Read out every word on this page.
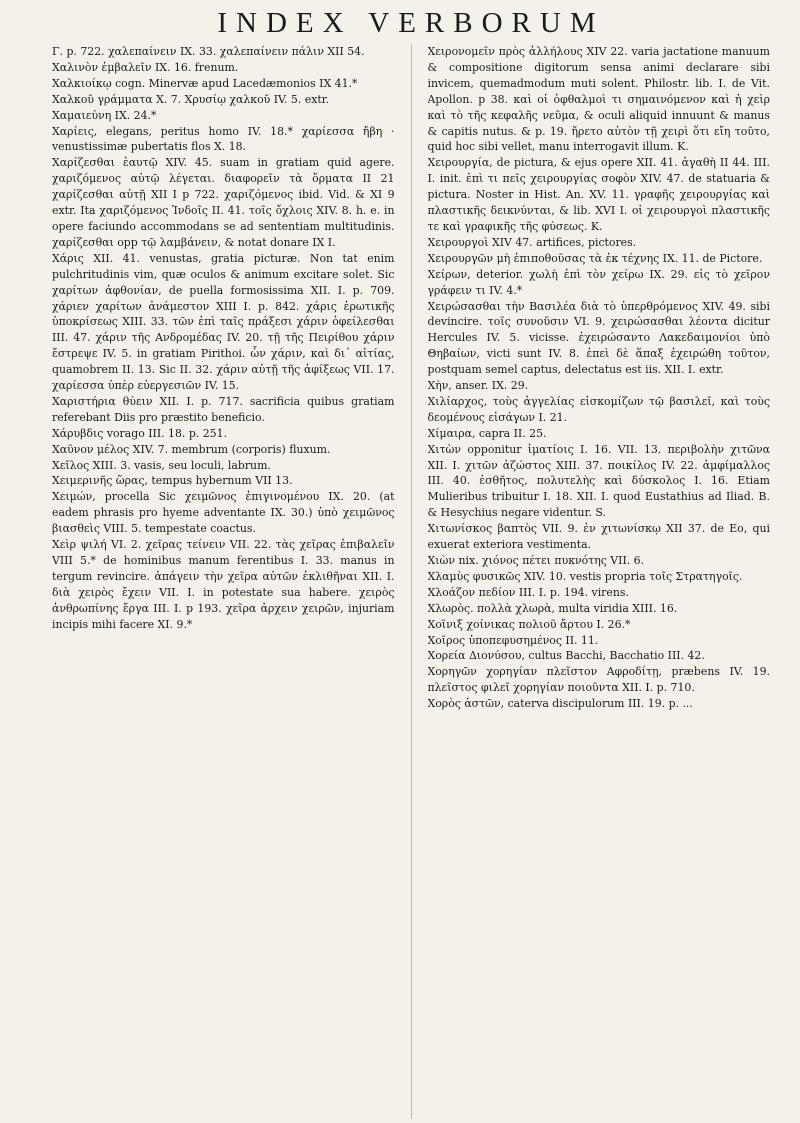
INDEX VERBORUM

Γ. p. 722. χαλεπαίνειν IX. 33. χαλεπαίνειν πάλιν XII 54.

Χαλινὸν ἐμβαλεῖν IX. 16. frenum.

Χαλκιοίκῳ cogn. Minervæ apud Lacedæmonios IX 41.*

Χαλκοῦ γράμματα X. 7. Χρυσίῳ χαλκοῦ IV. 5. extr.

Χαμαιεύνη IX. 24.*

Χαρίεις, elegans, peritus homo IV. 18.* χαρίεσσα ἤβη · venustissimæ pubertatis flos X. 18.

Χαρίζεσθαι ἑαυτῷ XIV. 45. suam in gratiam quid agere. χαριζόμενος αὐτῷ λέγεται. διαφορεῖν τὰ ὅρματα II 21 χαρίζεσθαι αὐτῇ XII I p 722. χαριζόμενος ibid. Vid. & XI 9 extr. Ita χαριζόμενος Ἰνδοῖς II. 41. τοῖς ὄχλοις XIV. 8. h. e. in opere faciundo accommodans se ad sententiam multitudinis. χαρίζεσθαι opp τῷ λαμβάνειν, & notat donare IX I.

Χάρις XII. 41. venustas, gratia picturæ. Non tat enim pulchritudinis vim, quæ oculos & animum excitare solet. Sic χαρίτων ἀφθονίαν, de puella formosissima XII. I. p. 709. χάριεν χαρίτων ἀνάμεστον XIII I. p. 842. χάρις ἐρωτικῆς ὑποκρίσεως XIII. 33. τῶν ἐπὶ ταῖς πράξεσι χάριν ὀφείλεσθαι III. 47. χάριν τῆς Ανδρομέδας IV. 20. τῇ τῆς Πειρίθου χάριν ἔστρεψε IV. 5. in gratiam Pirithoi. ὧν χάριν, καὶ δι᾽ αἰτίας, quamobrem II. 13. Sic II. 32. χάριν αὐτῇ τῆς ἀφίξεως VII. 17. χαρίεσσα ὑπὲρ εὐεργεσιῶν IV. 15.

Χαριστήρια θύειν XII. I. p. 717. sacrificia quibus gratiam referebant Diis pro præstito beneficio.

Χάρυβδις vorago III. 18. p. 251.

Χαῦνον μέλος XIV. 7. membrum (corporis) fluxum.

Χεῖλος XIII. 3. vasis, seu loculi, labrum.

Χειμερινῆς ὥρας, tempus hybernum VII 13.

Χειμών, procella Sic χειμῶνος ἐπιγινομένου IX. 20. (at eadem phrasis pro hyeme adventante IX. 30.) ὑπὸ χειμῶνος βιασθεὶς VIII. 5. tempestate coactus.

Χεὶρ ψιλή VI. 2. χεῖρας τείνειν VII. 22. τὰς χεῖρας ἐπιβαλεῖν VIII 5.* de hominibus manum ferentibus I. 33. manus in tergum revincire. ἀπάγειν τὴν χεῖρα αὐτῶν ἐκλιθῆναι XII. I. διὰ χειρὸς ἔχειν VII. I. in potestate sua habere. χειρὸς ἀνθρωπίνης ἔργα III. I. p 193. χεῖρα ἀρχειν χειρῶν, injuriam incipis mihi facere XI. 9.*

Χειρονομεῖν πρὸς ἀλλήλους XIV 22. varia jactatione manuum & compositione digitorum sensa animi declarare sibi invicem, quemadmodum muti solent. Philostr. lib. I. de Vit. Apollon. p 38. καὶ οἱ ὀφθαλμοὶ τι σημαινόμενον καὶ ἡ χεὶρ καὶ τὸ τῆς κεφαλῆς νεῦμα, & oculi aliquid innuunt & manus & capitis nutus. & p. 19. ἤρετο αὐτὸν τῇ χειρὶ ὅτι εἴη τοῦτο, quid hoc sibi vellet, manu interrogavit illum. K.

Χειρουργία, de pictura, & ejus opere XII. 41. ἀγαθὴ II 44. III. I. init. ἐπὶ τι πεῖς χειρουργίας σοφὸν XIV. 47. de statuaria & pictura. Noster in Hist. An. XV. 11. γραφῆς χειρουργίας καὶ πλαστικῆς δεικνύνται, & lib. XVI I. οἱ χειρουργοὶ πλαστικῆς τε καὶ γραφικῆς τῆς φύσεως. K.

Χειρουργοὶ XIV 47. artifices, pictores.

Χειρουργῶν μὴ ἐπιποθοῦσας τὰ ἐκ τέχνης IX. 11. de Pictore.

Χείρων, deterior. χωλὴ ἐπὶ τὸν χείρω IX. 29. εἰς τὸ χεῖρον γράφειν τι IV. 4.*

Χειρώσασθαι τὴν Βασιλέα διὰ τὸ ὑπερθρόμενος XIV. 49. sibi devincire. τοῖς συνοῦσιν VI. 9. χειρώσασθαι λέοντα dicitur Hercules IV. 5. vicisse. ἐχειρώσαντο Λακεδαιμονίοι ὑπὸ Θηβαίων, victi sunt IV. 8. ἐπεὶ δὲ ἅπαξ ἐχειρώθη τοῦτον, postquam semel captus, delectatus est iis. XII. I. extr.

Χὴν, anser. IX. 29.

Χιλίαρχος, τοὺς ἀγγελίας εἰσκομίζων τῷ βασιλεῖ, καὶ τοὺς δεομένους εἰσάγων I. 21.

Χίμαιρα, capra II. 25.

Χιτὼν opponitur ἱματίοις I. 16. VII. 13. περιβολὴν χιτῶνα XII. I. χιτῶν ἀζώστος XIII. 37. ποικίλος IV. 22. ἀμφίμαλλος III. 40. ἐσθῆτος, πολυτελὴς καὶ δύσκολος I. 16. Etiam Mulieribus tribuitur I. 18. XII. I. quod Eustathius ad Iliad. B. & Hesychius negare videntur. S.

Χιτωνίσκος βαπτὸς VII. 9. ἐν χιτωνίσκῳ XII 37. de Eo, qui exuerat exteriora vestimenta.

Χιὼν nix. χιόνος πέτει πυκνότης VII. 6.

Χλαμὺς φυσικῶς XIV. 10. vestis propria τοῖς Στρατηγοῖς.

Χλοάζον πεδίον III. I. p. 194. virens.

Χλωρὸς. πολλὰ χλωρὰ, multa viridia XIII. 16.

Χοῖνιξ χοίνικας πολιοῦ ἄρτου I. 26.*

Χοῖρος ὑποπεφυσημένος II. 11.

Χορεία Διονύσου, cultus Bacchi, Bacchatio III. 42.

Χορηγῶν χορηγίαν πλεῖστον Αφροδίτῃ, præbens IV. 19. πλεῖστος φιλεῖ χορηγίαν ποιοῦντα XII. I. p. 710.

Χορὸς ἀστῶν, caterva discipulorum III. 19. p. ...
